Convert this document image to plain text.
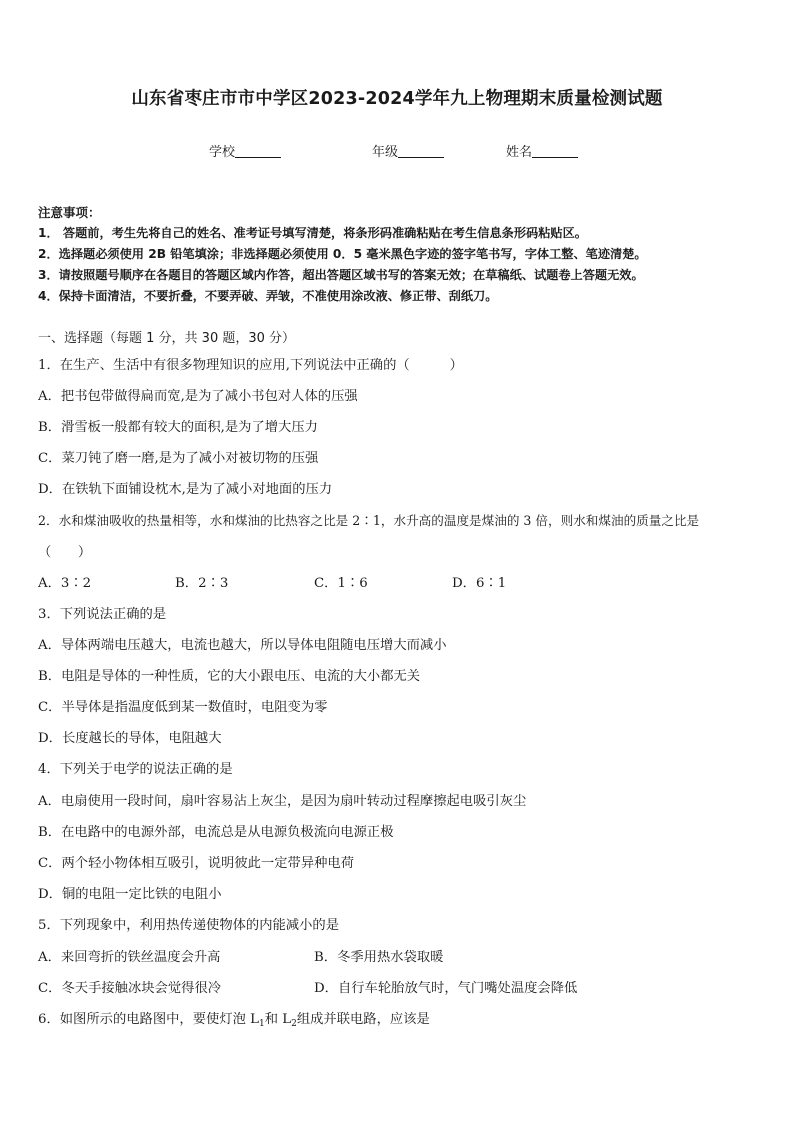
山东省枣庄市市中学区2023-2024学年九上物理期末质量检测试题
学校	年级	姓名
注意事项：
1． 答题前，考生先将自己的姓名、准考证号填写清楚，将条形码准确粘贴在考生信息条形码粘贴区。
2．选择题必须使用 2B 铅笔填涂；非选择题必须使用 0．5 毫米黑色字迹的签字笔书写，字体工整、笔迹清楚。
3．请按照题号顺序在各题目的答题区域内作答，超出答题区域书写的答案无效；在草稿纸、试题卷上答题无效。
4．保持卡面清洁，不要折叠，不要弄破、弄皱，不准使用涂改液、修正带、刮纸刀。
一、选择题（每题 1 分，共 30 题，30 分）
1．在生产、生活中有很多物理知识的应用,下列说法中正确的（　　　）
A．把书包带做得扁而宽,是为了减小书包对人体的压强
B．滑雪板一般都有较大的面积,是为了增大压力
C．菜刀钝了磨一磨,是为了减小对被切物的压强
D．在铁轨下面铺设枕木,是为了减小对地面的压力
2．水和煤油吸收的热量相等，水和煤油的比热容之比是 2∶1，水升高的温度是煤油的 3 倍，则水和煤油的质量之比是
（　　）
A．3∶2	B．2∶3	C．1∶6	D．6∶1
3．下列说法正确的是
A．导体两端电压越大，电流也越大，所以导体电阻随电压增大而减小
B．电阻是导体的一种性质，它的大小跟电压、电流的大小都无关
C．半导体是指温度低到某一数值时，电阻变为零
D．长度越长的导体，电阻越大
4．下列关于电学的说法正确的是
A．电扇使用一段时间，扇叶容易沾上灰尘，是因为扇叶转动过程摩擦起电吸引灰尘
B．在电路中的电源外部，电流总是从电源负极流向电源正极
C．两个轻小物体相互吸引，说明彼此一定带异种电荷
D．铜的电阻一定比铁的电阻小
5．下列现象中，利用热传递使物体的内能减小的是
A．来回弯折的铁丝温度会升高	B．冬季用热水袋取暖
C．冬天手接触冰块会觉得很冷	D．自行车轮胎放气时，气门嘴处温度会降低
6．如图所示的电路图中，要使灯泡 $L_1$和 $L_2$组成并联电路，应该是
